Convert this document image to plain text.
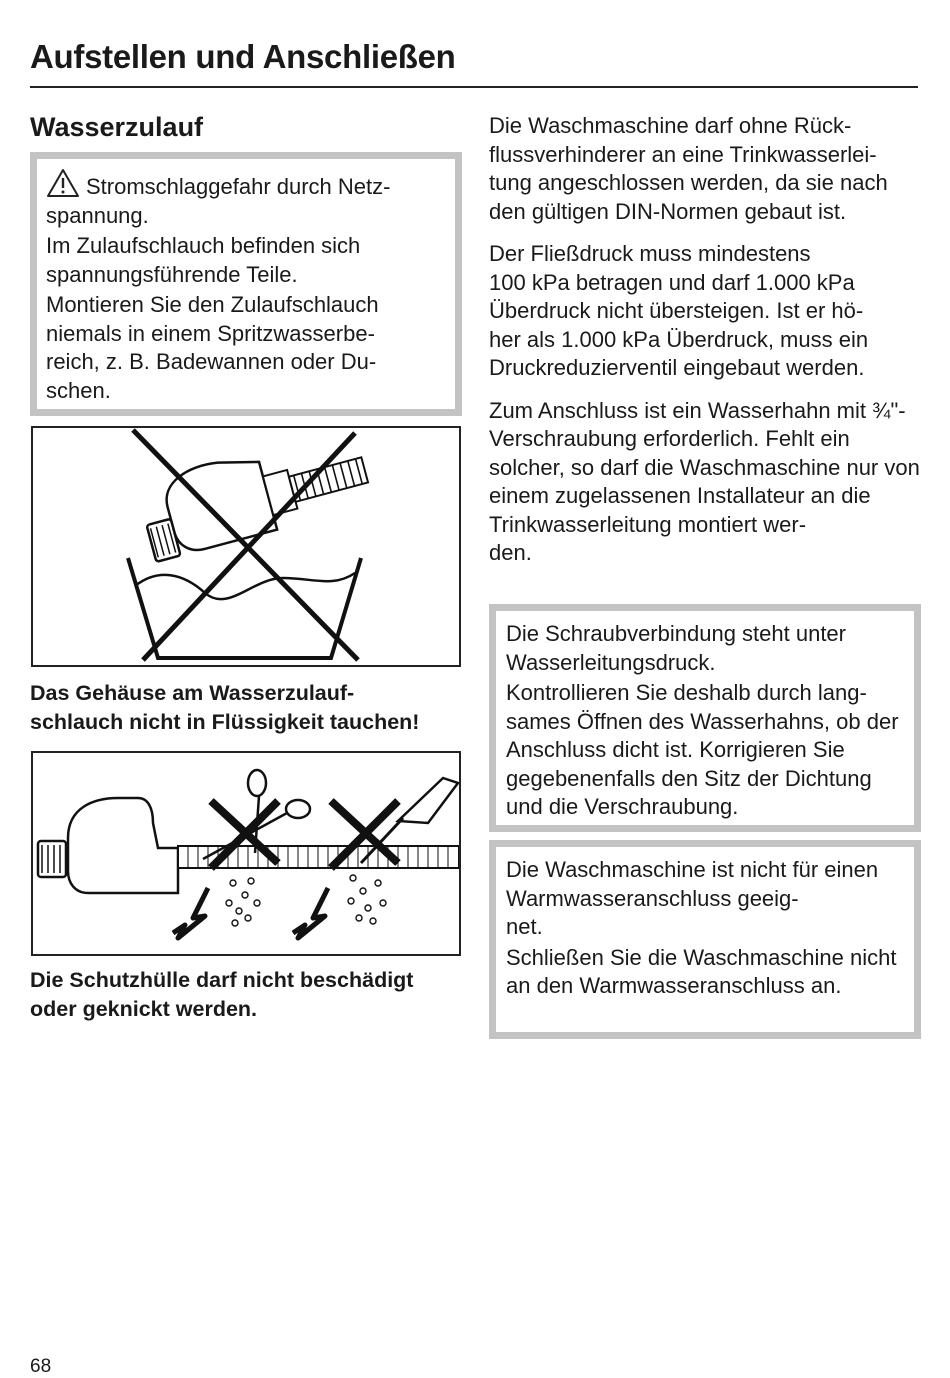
Aufstellen und Anschließen
Wasserzulauf

Stromschlaggefahr durch Netz-
spannung.

Im Zulaufschlauch befinden sich spannungsführende Teile.

Montieren Sie den Zulaufschlauch niemals in einem Spritzwasserbe-
reich, z. B. Badewannen oder Du-
schen.

Das Gehäuse am Wasserzulauf-
schlauch nicht in Flüssigkeit tauchen!

Die Schutzhülle darf nicht beschädigt oder geknickt werden.

Die Waschmaschine darf ohne Rück-
flussverhinderer an eine Trinkwasserlei-
tung angeschlossen werden, da sie nach den gültigen DIN-Normen gebaut ist.

Der Fließdruck muss mindestens
100 kPa betragen und darf 1.000 kPa Überdruck nicht übersteigen. Ist er hö-
her als 1.000 kPa Überdruck, muss ein Druckreduzierventil eingebaut werden.

Zum Anschluss ist ein Wasserhahn mit ¾"-Verschraubung erforderlich. Fehlt ein solcher, so darf die Waschmaschine nur von einem zugelassenen Installateur an die Trinkwasserleitung montiert wer-
den.

Die Schraubverbindung steht unter Wasserleitungsdruck.

Kontrollieren Sie deshalb durch lang-
sames Öffnen des Wasserhahns, ob der Anschluss dicht ist. Korrigieren Sie gegebenenfalls den Sitz der Dichtung und die Verschraubung.

Die Waschmaschine ist nicht für einen Warmwasseranschluss geeig-
net.

Schließen Sie die Waschmaschine nicht an den Warmwasseranschluss an.

68
